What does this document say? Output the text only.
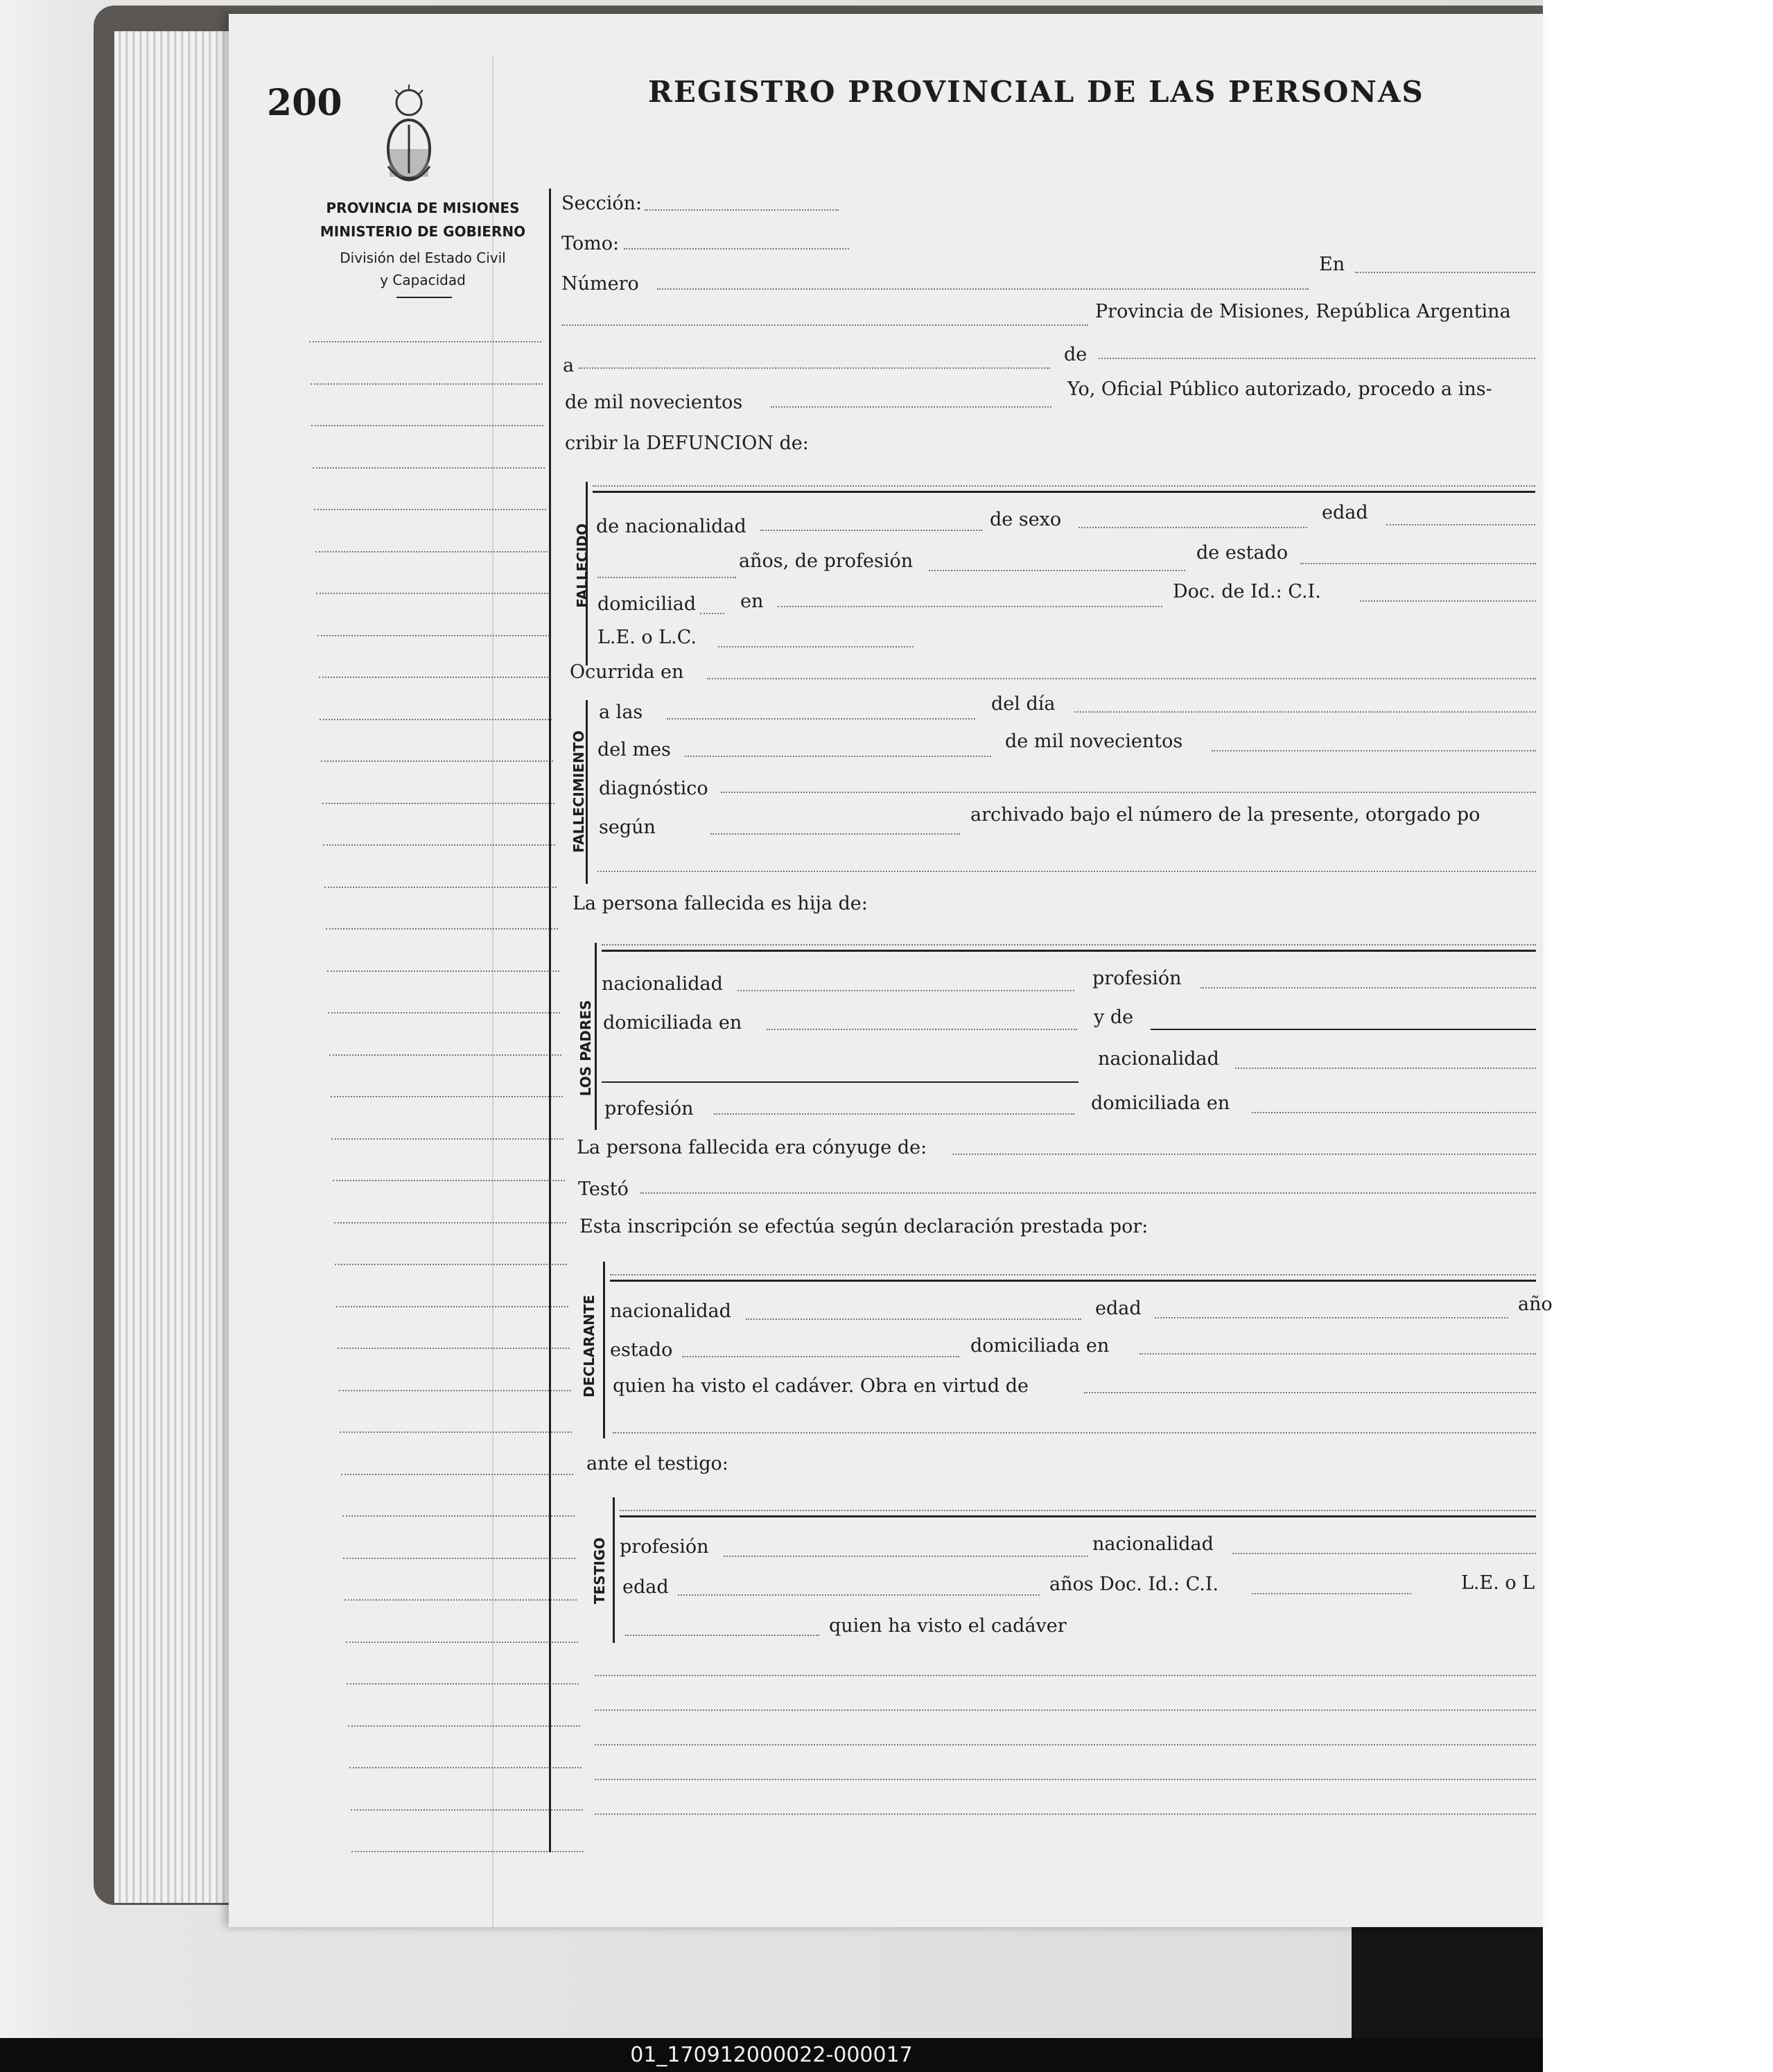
200	REGISTRO PROVINCIAL DE LAS PERSONAS
PROVINCIA DE MISIONES
MINISTERIO DE GOBIERNO
División del Estado Civil
y Capacidad
Sección:
Tomo:
Número
En
Provincia de Misiones, República Argentina
a
de
de mil novecientos
Yo, Oficial Público autorizado, procedo a ins-
cribir la DEFUNCION de:
FALLECIDO de nacionalidad	de sexo	edad
años, de profesión	de estado
domiciliad en	Doc. de Id.: C.I.
L.E. o L.C.
Ocurrida en
FALLECIMIENTO
a las	del día
del mes	de mil novecientos
diagnóstico
según
archivado bajo el número de la presente, otorgado po
La persona fallecida es hija de:
LOS PADRES
nacionalidad	profesión
domiciliada en	y de
nacionalidad
profesión	domiciliada en
La persona fallecida era cónyuge de:
Testó
Esta inscripción se efectúa según declaración prestada por:
DECLARANTE nacionalidad	edad	año
estado	domiciliada en
quien ha visto el cadáver. Obra en virtud de
ante el testigo:
TESTIGO profesión	nacionalidad
edad	años Doc. Id.: C.I.	L.E. o L
quien ha visto el cadáver
01_170912000022-000017
